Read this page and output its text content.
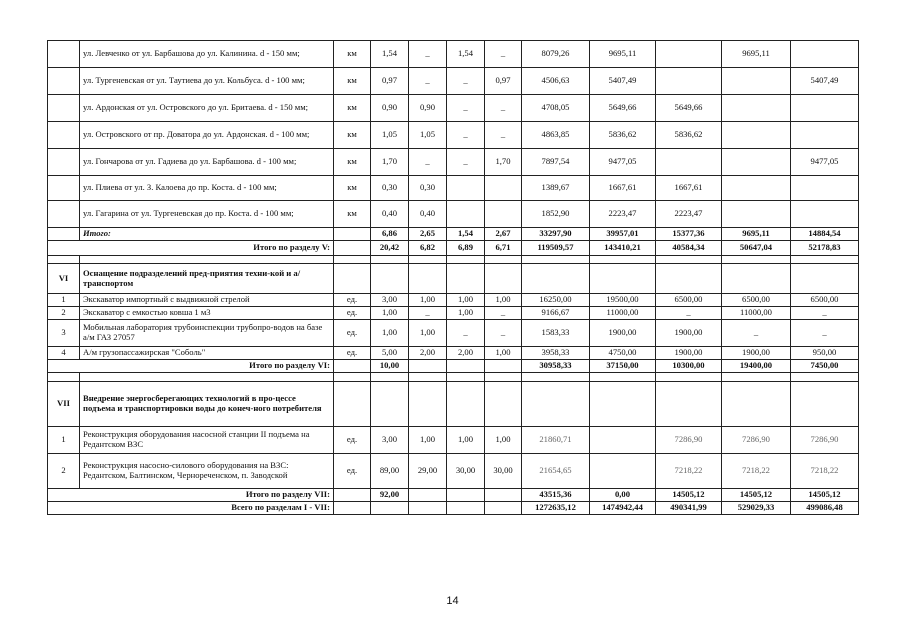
	ул. Левченко от ул. Барбашова до ул. Калинина. d - 150 мм;	км	1,54	_	1,54	_	8079,26	9695,11		9695,11	
	ул. Тургеневская от ул. Таутиева до ул. Кольбуса. d - 100 мм;	км	0,97	_	_	0,97	4506,63	5407,49			5407,49
	ул. Ардонская от ул. Островского до ул. Бритаева. d - 150 мм;	км	0,90	0,90	_	_	4708,05	5649,66	5649,66		
	ул. Островского от пр. Доватора до ул. Ардонская. d - 100 мм;	км	1,05	1,05	_	_	4863,85	5836,62	5836,62		
	ул. Гончарова от ул. Гадиева до ул. Барбашова. d - 100 мм;	км	1,70	_	_	1,70	7897,54	9477,05			9477,05
	ул. Плиева от ул. З. Калоева до пр. Коста. d - 100 мм;	км	0,30	0,30			1389,67	1667,61	1667,61		
	ул. Гагарина от ул. Тургеневская до пр. Коста. d - 100 мм;	км	0,40	0,40			1852,90	2223,47	2223,47		
	Итого:		6,86	2,65	1,54	2,67	33297,90	39957,01	15377,36	9695,11	14884,54
Итого по разделу V:			20,42	6,82	6,89	6,71	119509,57	143410,21	40584,34	50647,04	52178,83

VI	Оснащение подразделений пред-приятия техни-кой и а/транспортом										
1	Экскаватор импортный с выдвижной стрелой	ед.	3,00	1,00	1,00	1,00	16250,00	19500,00	6500,00	6500,00	6500,00
2	Экскаватор с емкостью ковша 1 м3	ед.	1,00	_	1,00	_	9166,67	11000,00	_	11000,00	_
3	Мобильная лаборатория трубоинспекции трубопро-водов на базе а/м ГАЗ 27057	ед.	1,00	1,00	_	_	1583,33	1900,00	1900,00	_	_
4	А/м грузопассажирская "Соболь"	ед.	5,00	2,00	2,00	1,00	3958,33	4750,00	1900,00	1900,00	950,00
Итого по разделу VI:			10,00				30958,33	37150,00	10300,00	19400,00	7450,00

VII	Внедрение энергосберегающих технологий в про-цессе подъема и транспортировки воды до конеч-ного потребителя										
1	Реконструкция оборудования насосной станции II подъема на Редантском ВЗС	ед.	3,00	1,00	1,00	1,00	21860,71		7286,90	7286,90	7286,90
2	Реконструкция насосно-силового оборудования на ВЗС: Редантском, Балтинском, Чернореченском, п. Заводской	ед.	89,00	29,00	30,00	30,00	21654,65		7218,22	7218,22	7218,22
Итого по разделу VII:			92,00				43515,36	0,00	14505,12	14505,12	14505,12
Всего по разделам I - VII:							1272635,12	1474942,44	490341,99	529029,33	499086,48
14
